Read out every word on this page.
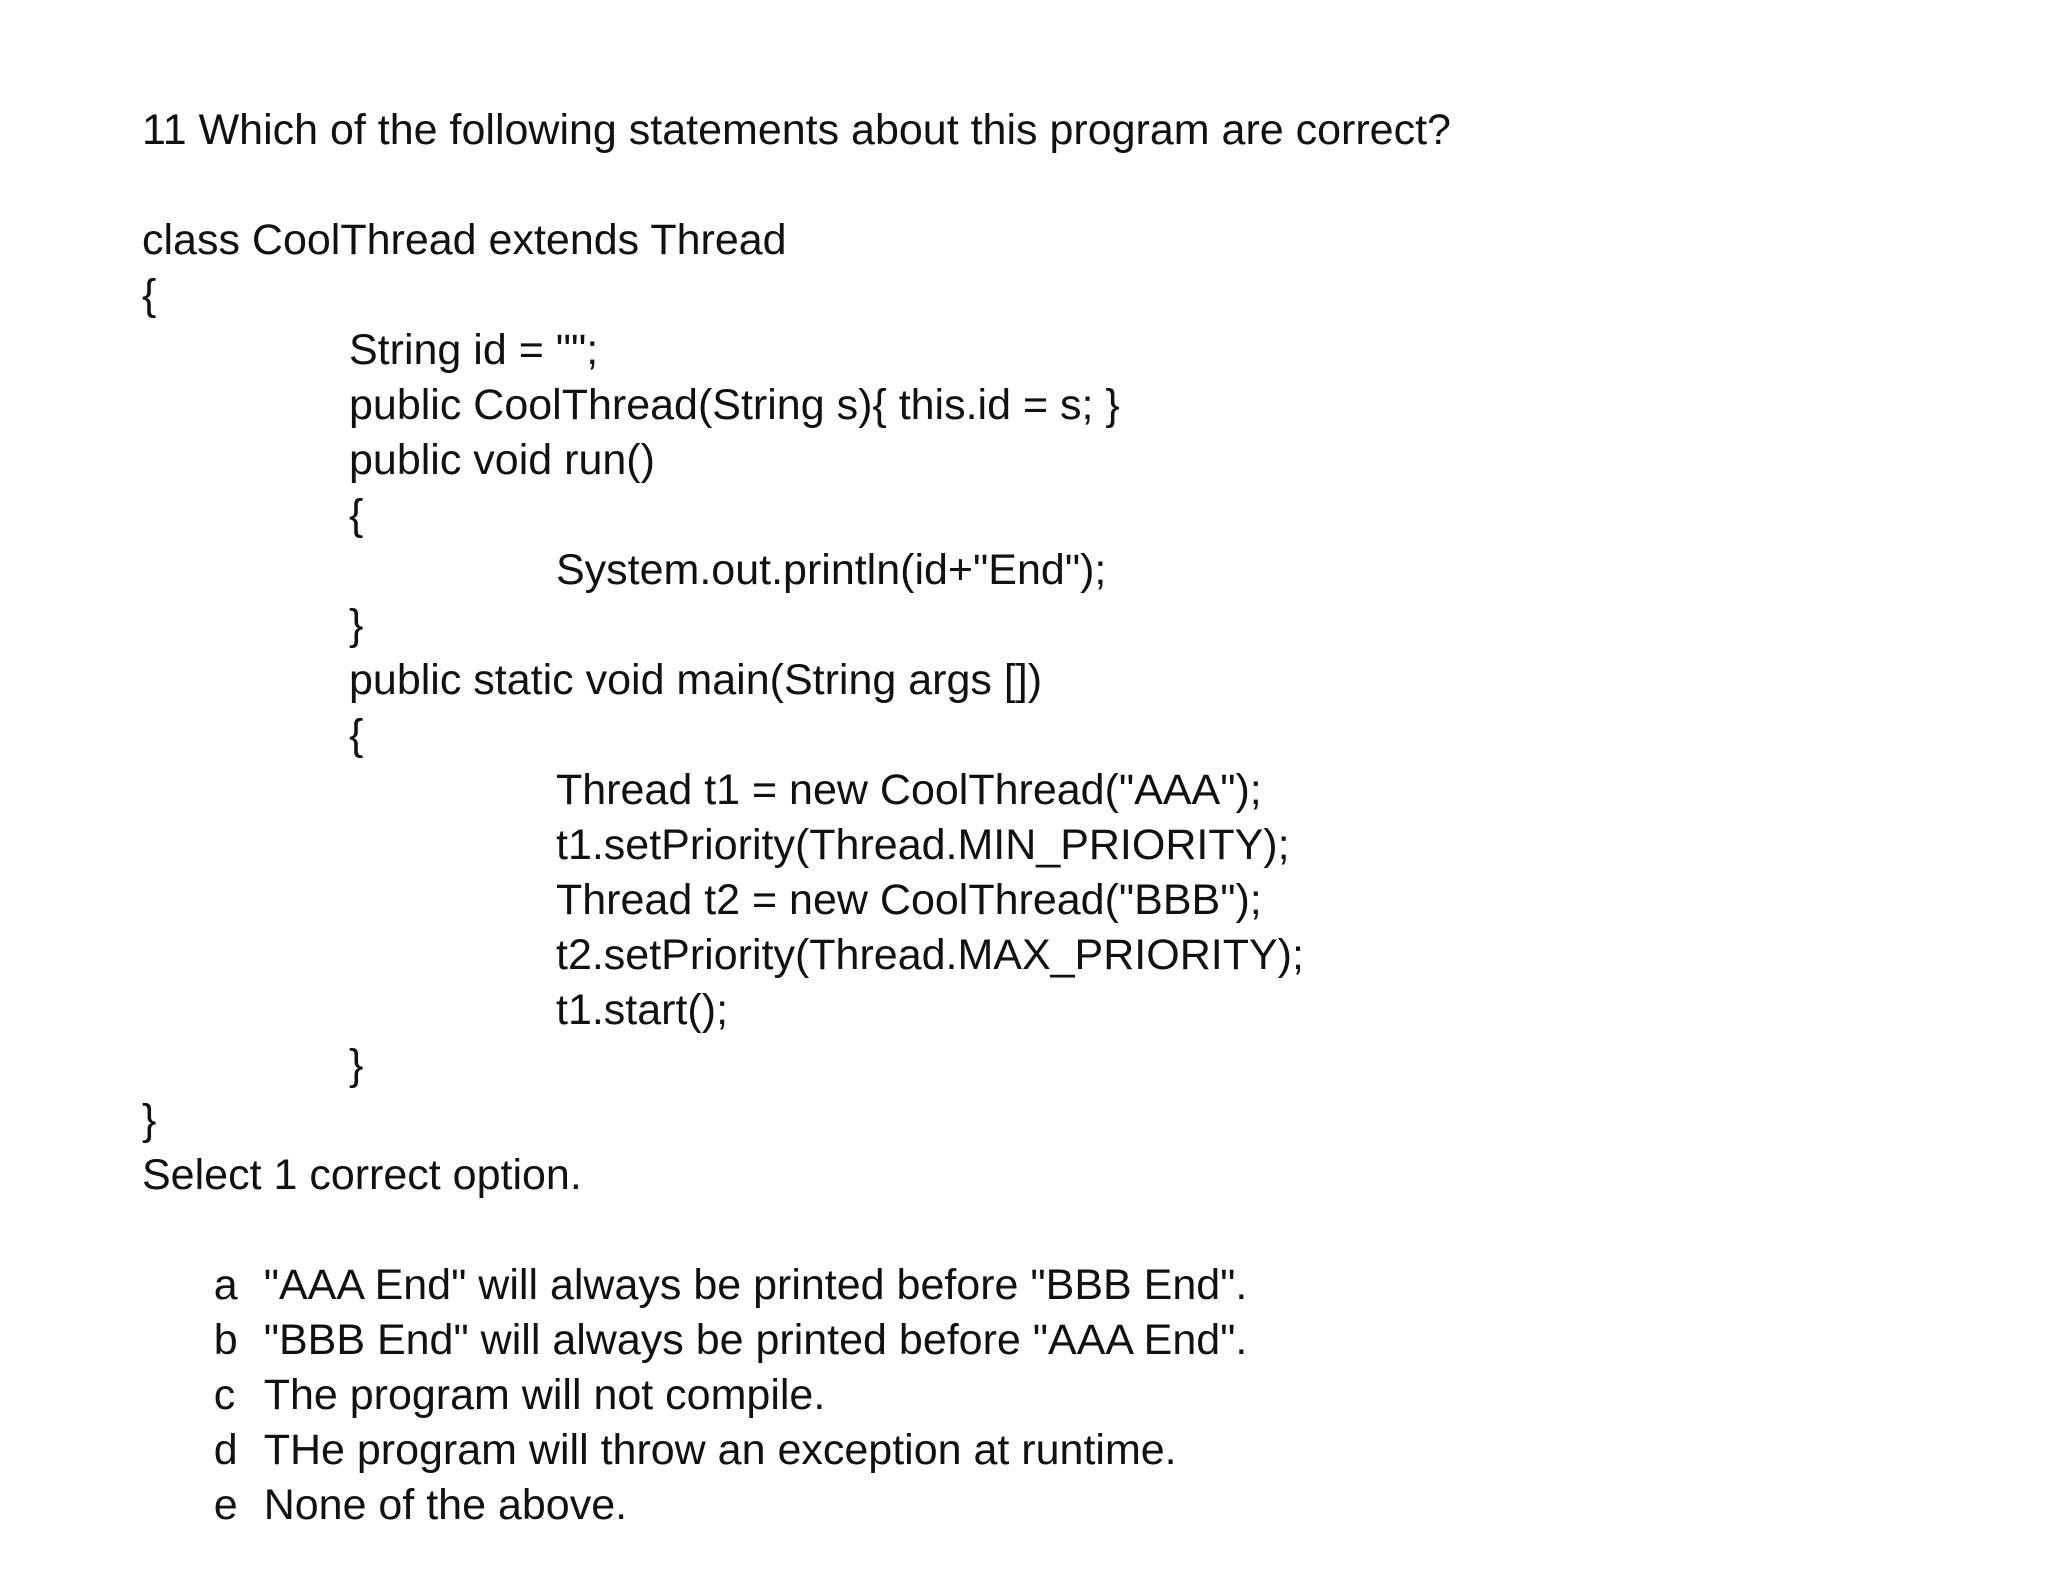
11 Which of the following statements about this program are correct?
class CoolThread extends Thread
{
String id = "";
public CoolThread(String s){ this.id = s; }
public void run()
{
System.out.println(id+"End");
}
public static void main(String args [])
{
Thread t1 = new CoolThread("AAA");
t1.setPriority(Thread.MIN_PRIORITY);
Thread t2 = new CoolThread("BBB");
t2.setPriority(Thread.MAX_PRIORITY);
t1.start();
}
}
Select 1 correct option.

a "AAA End" will always be printed before "BBB End".

b "BBB End" will always be printed before "AAA End".

c The program will not compile.

d THe program will throw an exception at runtime.

e None of the above.
